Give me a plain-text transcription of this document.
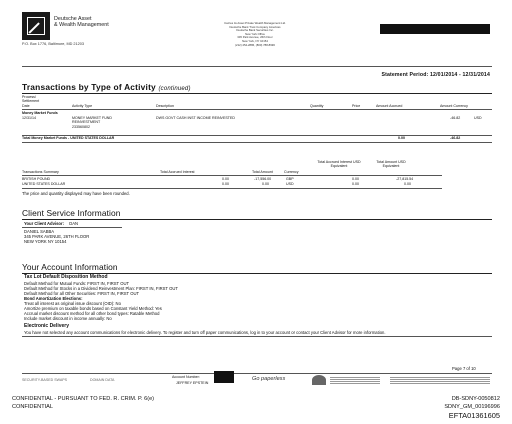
Deutsche Asset
& Wealth Management
P.O. Box 1776, Baltimore, MD 21203
Carries its Asset Private Wealth Management Ltd.
Deutsche Bank Trust Company Americas
Deutsche Bank Securities Inc.
New York Office
345 Park Avenue, 26th Floor
New York, NY 10154
(212) 454-2886, (800) 788-8996
Statement Period: 12/01/2014 - 12/31/2014
Transactions by Type of Activity (continued)
Process/
Settlement
Date	Activity Type	Description	Quantity	Price	Amount Accrued	Amount Currency
Money Market Funds
12/31/14	MONEY MARKET FUND
REINVESTMENT
233560802
DWS GOVT CASH INST INCOME REINVESTED	-46.82	USD
Total Money Market Funds - UNITED STATES DOLLAR	0.00	-46.82
Total Accrued Interest USD Equivalent
Total Amount USD Equivalent
Transactions Summary	Total Accrued Interest	Total Amount	Currency
BRITISH POUND	0.00	-17,556.00	GBP	0.00	-27,815.54
UNITED STATES DOLLAR	0.00	0.00	USD	0.00	0.00
The price and quantity displayed may have been rounded.
Client Service Information
Your Client Advisor: DAN
DANIEL SABBA
345 PARK AVENUE, 26TH FLOOR
NEW YORK NY 10154
Your Account Information
Tax Lot Default Disposition Method
Default Method for Mutual Funds: FIRST IN, FIRST OUT
Default Method for Stocks in a Dividend Reinvestment Plan: FIRST IN, FIRST OUT
Default Method for all Other Securities: FIRST IN, FIRST OUT
Bond Amortization Elections:
Treat all interest as original issue discount (OID): No
Amortize premium on taxable bonds based on Constant Yield Method: Yes
Accrual market discount method for all other bond types: Ratable Method
Include market discount in income annually: No
Electronic Delivery
You have not selected any account communications for electronic delivery. To register and turn off paper communications, log in to your account or contact your Client Advisor for more information.
Page 7 of 10
SECURITY-BASED SWAPS	DOMAIN DATA
Account Number:
JEFFREY EPSTEIN
Go paperless
CONFIDENTIAL - PURSUANT TO FED. R. CRIM. P. 6(e)
CONFIDENTIAL
DB-SDNY-0050812
SDNY_GM_00196996
EFTA01361605
